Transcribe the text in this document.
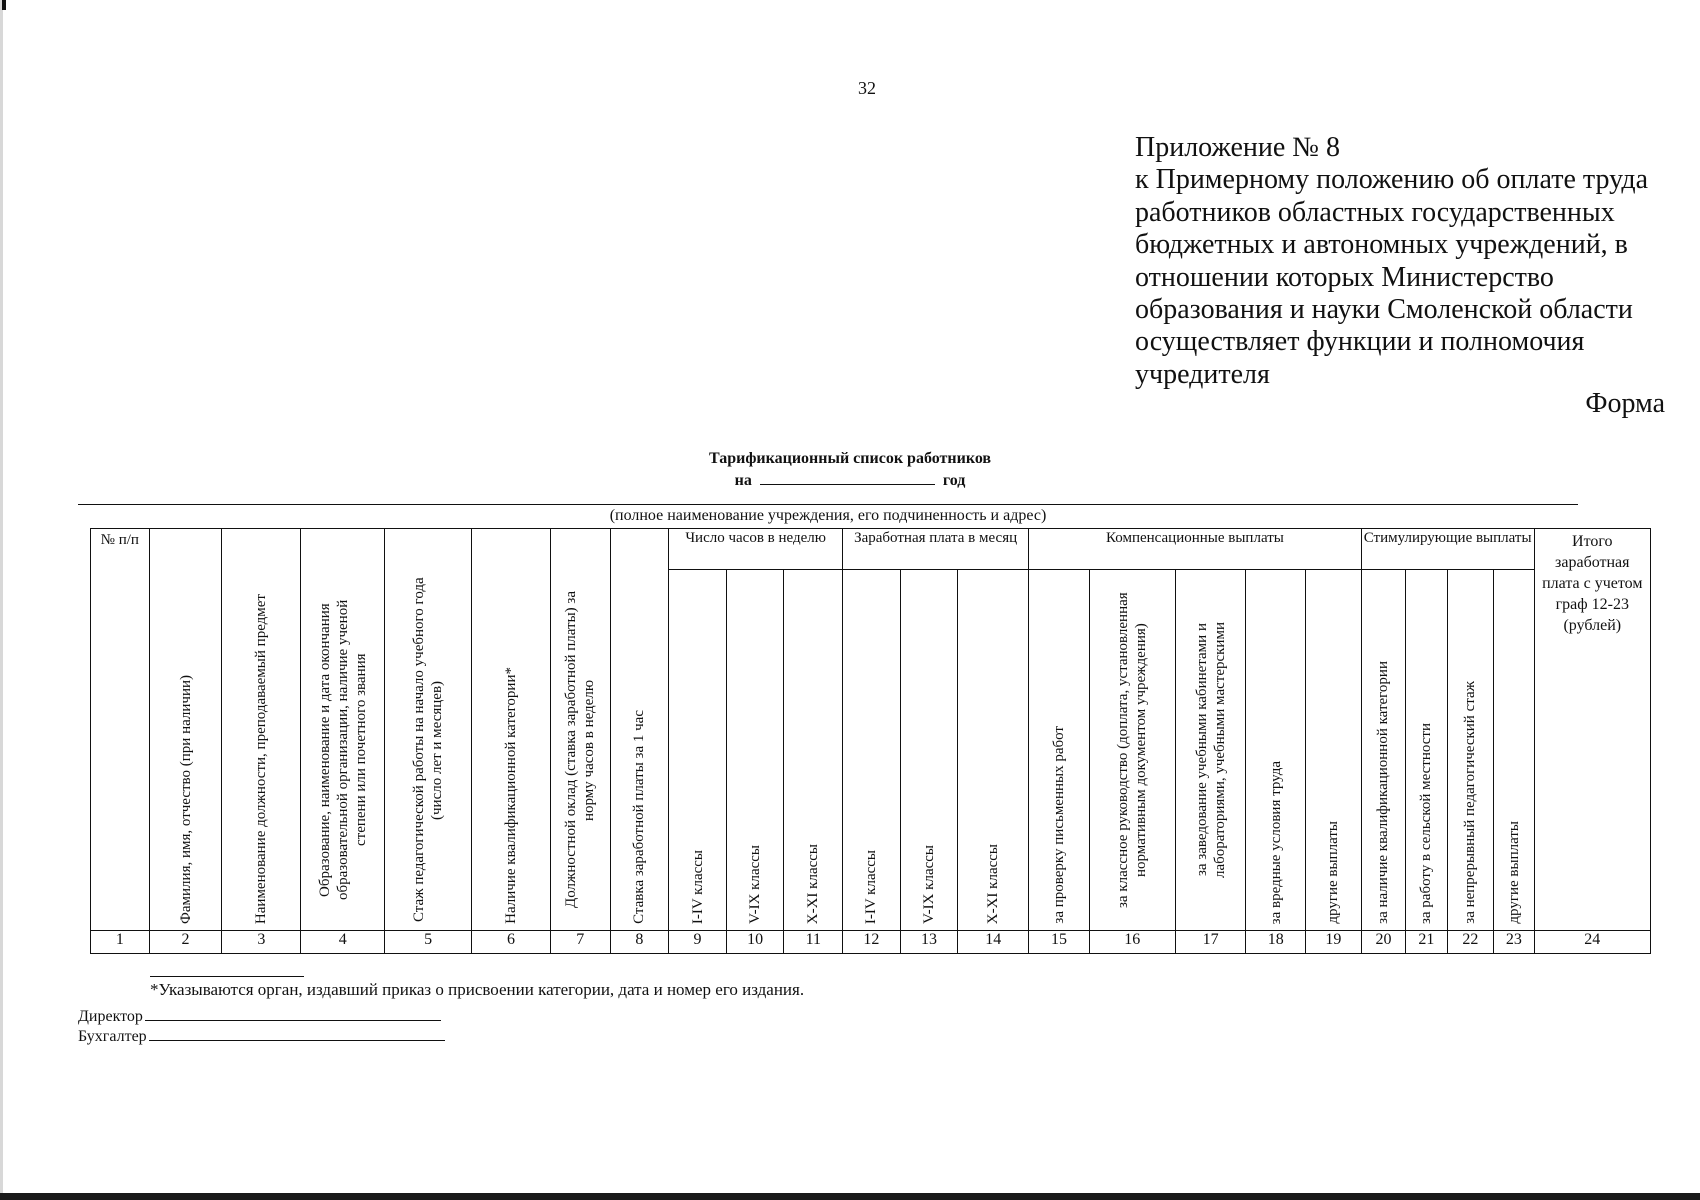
32
Приложение № 8
к Примерному положению об оплате труда
работников областных государственных
бюджетных и автономных учреждений, в
отношении которых Министерство
образования и науки Смоленской области
осуществляет функции и полномочия
учредителя
Форма
Тарификационный список работников
на	год
(полное наименование учреждения, его подчиненность и адрес)
№ п/п	Фамилия, имя, отчество (при наличии)	Наименование должности, преподаваемый предмет	Образование, наименование и дата окончания образовательной организации, наличие ученой степени или почетного звания	Стаж педагогической работы на начало учебного года (число лет и месяцев)	Наличие квалификационной категории*	Должностной оклад (ставка заработной платы) за норму часов в неделю	Ставка заработной платы за 1 час	Число часов в неделю			Заработная плата в месяц			Компенсационные выплаты					Стимулирующие выплаты				Итого заработная плата с учетом граф 12-23 (рублей)

								I-IV классы	V-IX классы	X-XI классы	I-IV классы	V-IX классы	X-XI классы	за проверку письменных работ	за классное руководство (доплата, установленная нормативным документом учреждения)	за заведование учебными кабинетами и лабораториями, учебными мастерскими	за вредные условия труда	другие выплаты	за наличие квалификационной категории	за работу в сельской местности	за непрерывный педагогический стаж	другие выплаты	

1	2	3	4	5	6	7	8	9	10	11	12	13	14	15	16	17	18	19	20	21	22	23	24
*Указываются орган, издавший приказ о присвоении категории, дата и номер его издания.
Директор
Бухгалтер
